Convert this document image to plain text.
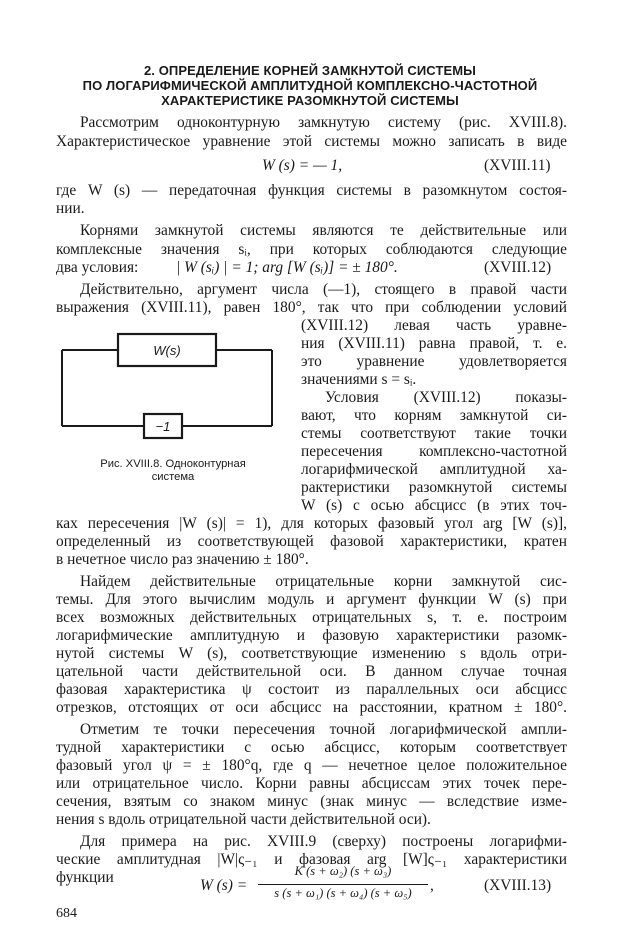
2. ОПРЕДЕЛЕНИЕ КОРНЕЙ ЗАМКНУТОЙ СИСТЕМЫ
ПО ЛОГАРИФМИЧЕСКОЙ АМПЛИТУДНОЙ КОМПЛЕКСНО-ЧАСТОТНОЙ
ХАРАКТЕРИСТИКЕ РАЗОМКНУТОЙ СИСТЕМЫ
Рассмотрим одноконтурную замкнутую систему (рис. XVIII.8).
Характеристическое уравнение этой системы можно записать в виде
W (s) = — 1,	(XVIII.11)
где W (s) — передаточная функция системы в разомкнутом состоя-
нии.
Корнями замкнутой системы являются те действительные или
комплексные значения sᵢ, при которых соблюдаются следующие
два условия: | W (sᵢ) | = 1; arg [W (sᵢ)] = ± 180°.	(XVIII.12)
Действительно, аргумент числа (—1), стоящего в правой части
выражения (XVIII.11), равен 180°, так что при соблюдении условий
(XVIII.12) левая часть уравне-
ния (XVIII.11) равна правой, т. е.
это уравнение удовлетворяется
значениями s = sᵢ.
Условия (XVIII.12) показы-
вают, что корням замкнутой си-
стемы соответствуют такие точки
пересечения комплексно-частотной
логарифмической амплитудной ха-
рактеристики разомкнутой системы
W (s) с осью абсцисс (в этих точ-
W(s)
−1
Рис. XVIII.8. Одноконтурная
система
ках пересечения |W (s)| = 1), для которых фазовый угол arg [W (s)],
определенный из соответствующей фазовой характеристики, кратен
в нечетное число раз значению ± 180°.
Найдем действительные отрицательные корни замкнутой сис-
темы. Для этого вычислим модуль и аргумент функции W (s) при
всех возможных действительных отрицательных s, т. е. построим
логарифмические амплитудную и фазовую характеристики разомк-
нутой системы W (s), соответствующие изменению s вдоль отри-
цательной части действительной оси. В данном случае точная
фазовая характеристика ψ состоит из параллельных оси абсцисс
отрезков, отстоящих от оси абсцисс на расстоянии, кратном ± 180°.
Отметим те точки пересечения точной логарифмической ампли-
тудной характеристики с осью абсцисс, которым соответствует
фазовый угол ψ = ± 180°q, где q — нечетное целое положительное
или отрицательное число. Корни равны абсциссам этих точек пере-
сечения, взятым со знаком минус (знак минус — вследствие изме-
нения s вдоль отрицательной части действительной оси).
Для примера на рис. XVIII.9 (сверху) построены логарифми-
ческие амплитудная |W|ς₋₁ и фазовая arg [W]ς₋₁ характеристики
функции	W (s) =
K (s + ω₂) (s + ω₃)
s (s + ω₁) (s + ω₄) (s + ω₅)	,	(XVIII.13)
684
